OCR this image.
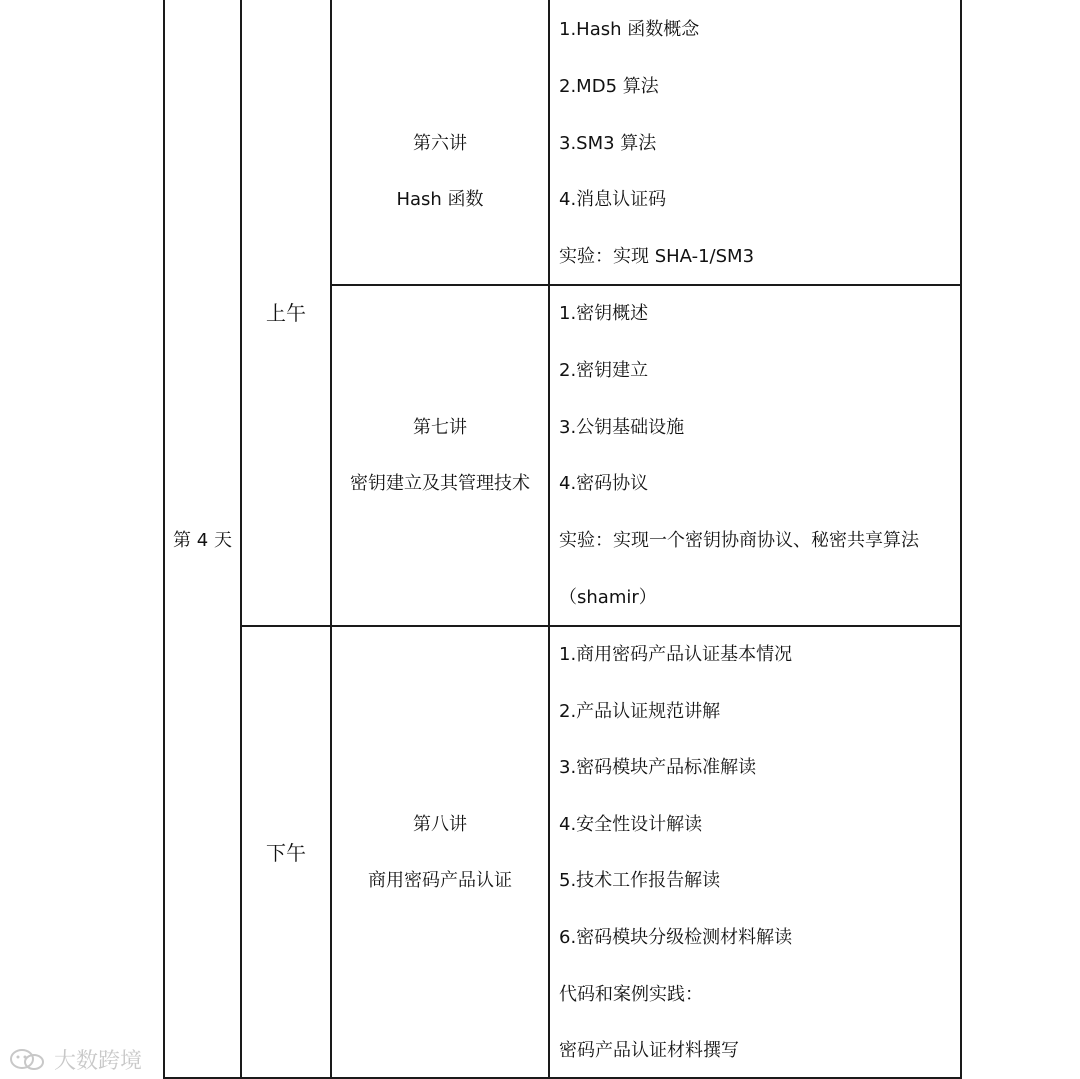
第 4 天
上午
下午
第六讲
Hash 函数
1.Hash 函数概念
2.MD5 算法
3.SM3 算法
4.消息认证码
实验：实现 SHA-1/SM3
第七讲
密钥建立及其管理技术
1.密钥概述
2.密钥建立
3.公钥基础设施
4.密码协议
实验：实现一个密钥协商协议、秘密共享算法
（shamir）
第八讲
商用密码产品认证
1.商用密码产品认证基本情况
2.产品认证规范讲解
3.密码模块产品标准解读
4.安全性设计解读
5.技术工作报告解读
6.密码模块分级检测材料解读
代码和案例实践：
密码产品认证材料撰写
大数跨境
